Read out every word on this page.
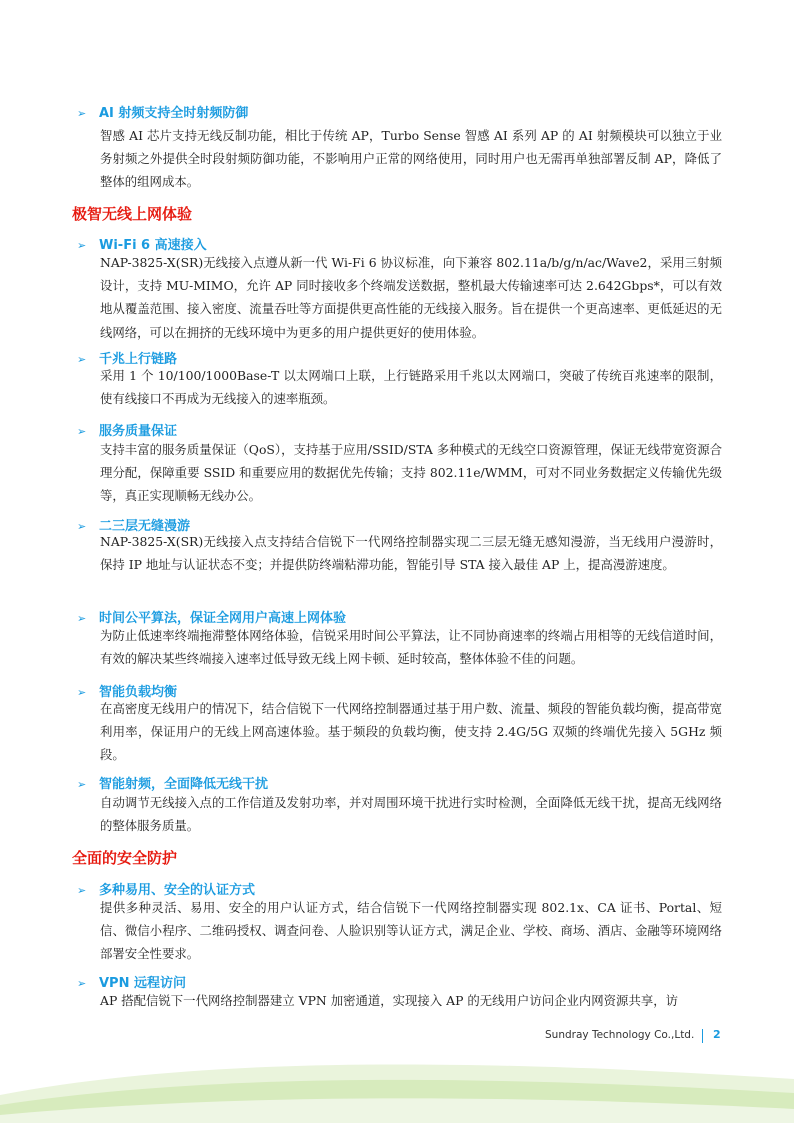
➢ AI 射频支持全时射频防御
智感 AI 芯片支持无线反制功能，相比于传统 AP，Turbo Sense 智感 AI 系列 AP 的 AI 射频模块可以独立于业务射频之外提供全时段射频防御功能，不影响用户正常的网络使用，同时用户也无需再单独部署反制 AP，降低了整体的组网成本。
极智无线上网体验
➢ Wi-Fi 6 高速接入
NAP-3825-X(SR)无线接入点遵从新一代 Wi-Fi 6 协议标准，向下兼容 802.11a/b/g/n/ac/Wave2，采用三射频设计，支持 MU-MIMO，允许 AP 同时接收多个终端发送数据，整机最大传输速率可达 2.642Gbps*，可以有效地从覆盖范围、接入密度、流量吞吐等方面提供更高性能的无线接入服务。旨在提供一个更高速率、更低延迟的无线网络，可以在拥挤的无线环境中为更多的用户提供更好的使用体验。
➢ 千兆上行链路
采用 1 个 10/100/1000Base-T 以太网端口上联，上行链路采用千兆以太网端口，突破了传统百兆速率的限制，使有线接口不再成为无线接入的速率瓶颈。
➢ 服务质量保证
支持丰富的服务质量保证（QoS），支持基于应用/SSID/STA 多种模式的无线空口资源管理，保证无线带宽资源合理分配，保障重要 SSID 和重要应用的数据优先传输；支持 802.11e/WMM，可对不同业务数据定义传输优先级等，真正实现顺畅无线办公。
➢ 二三层无缝漫游
NAP-3825-X(SR)无线接入点支持结合信锐下一代网络控制器实现二三层无缝无感知漫游，当无线用户漫游时，保持 IP 地址与认证状态不变；并提供防终端粘滞功能，智能引导 STA 接入最佳 AP 上，提高漫游速度。
➢ 时间公平算法，保证全网用户高速上网体验
为防止低速率终端拖滞整体网络体验，信锐采用时间公平算法，让不同协商速率的终端占用相等的无线信道时间，有效的解决某些终端接入速率过低导致无线上网卡顿、延时较高，整体体验不佳的问题。
➢ 智能负载均衡
在高密度无线用户的情况下，结合信锐下一代网络控制器通过基于用户数、流量、频段的智能负载均衡，提高带宽利用率，保证用户的无线上网高速体验。基于频段的负载均衡，使支持 2.4G/5G 双频的终端优先接入 5GHz 频段。
➢ 智能射频，全面降低无线干扰
自动调节无线接入点的工作信道及发射功率，并对周围环境干扰进行实时检测，全面降低无线干扰，提高无线网络的整体服务质量。
全面的安全防护
➢ 多种易用、安全的认证方式
提供多种灵活、易用、安全的用户认证方式，结合信锐下一代网络控制器实现 802.1x、CA 证书、Portal、短信、微信小程序、二维码授权、调查问卷、人脸识别等认证方式，满足企业、学校、商场、酒店、金融等环境网络部署安全性要求。
➢ VPN 远程访问
AP 搭配信锐下一代网络控制器建立 VPN 加密通道，实现接入 AP 的无线用户访问企业内网资源共享，访
Sundray Technology Co.,Ltd. 2
